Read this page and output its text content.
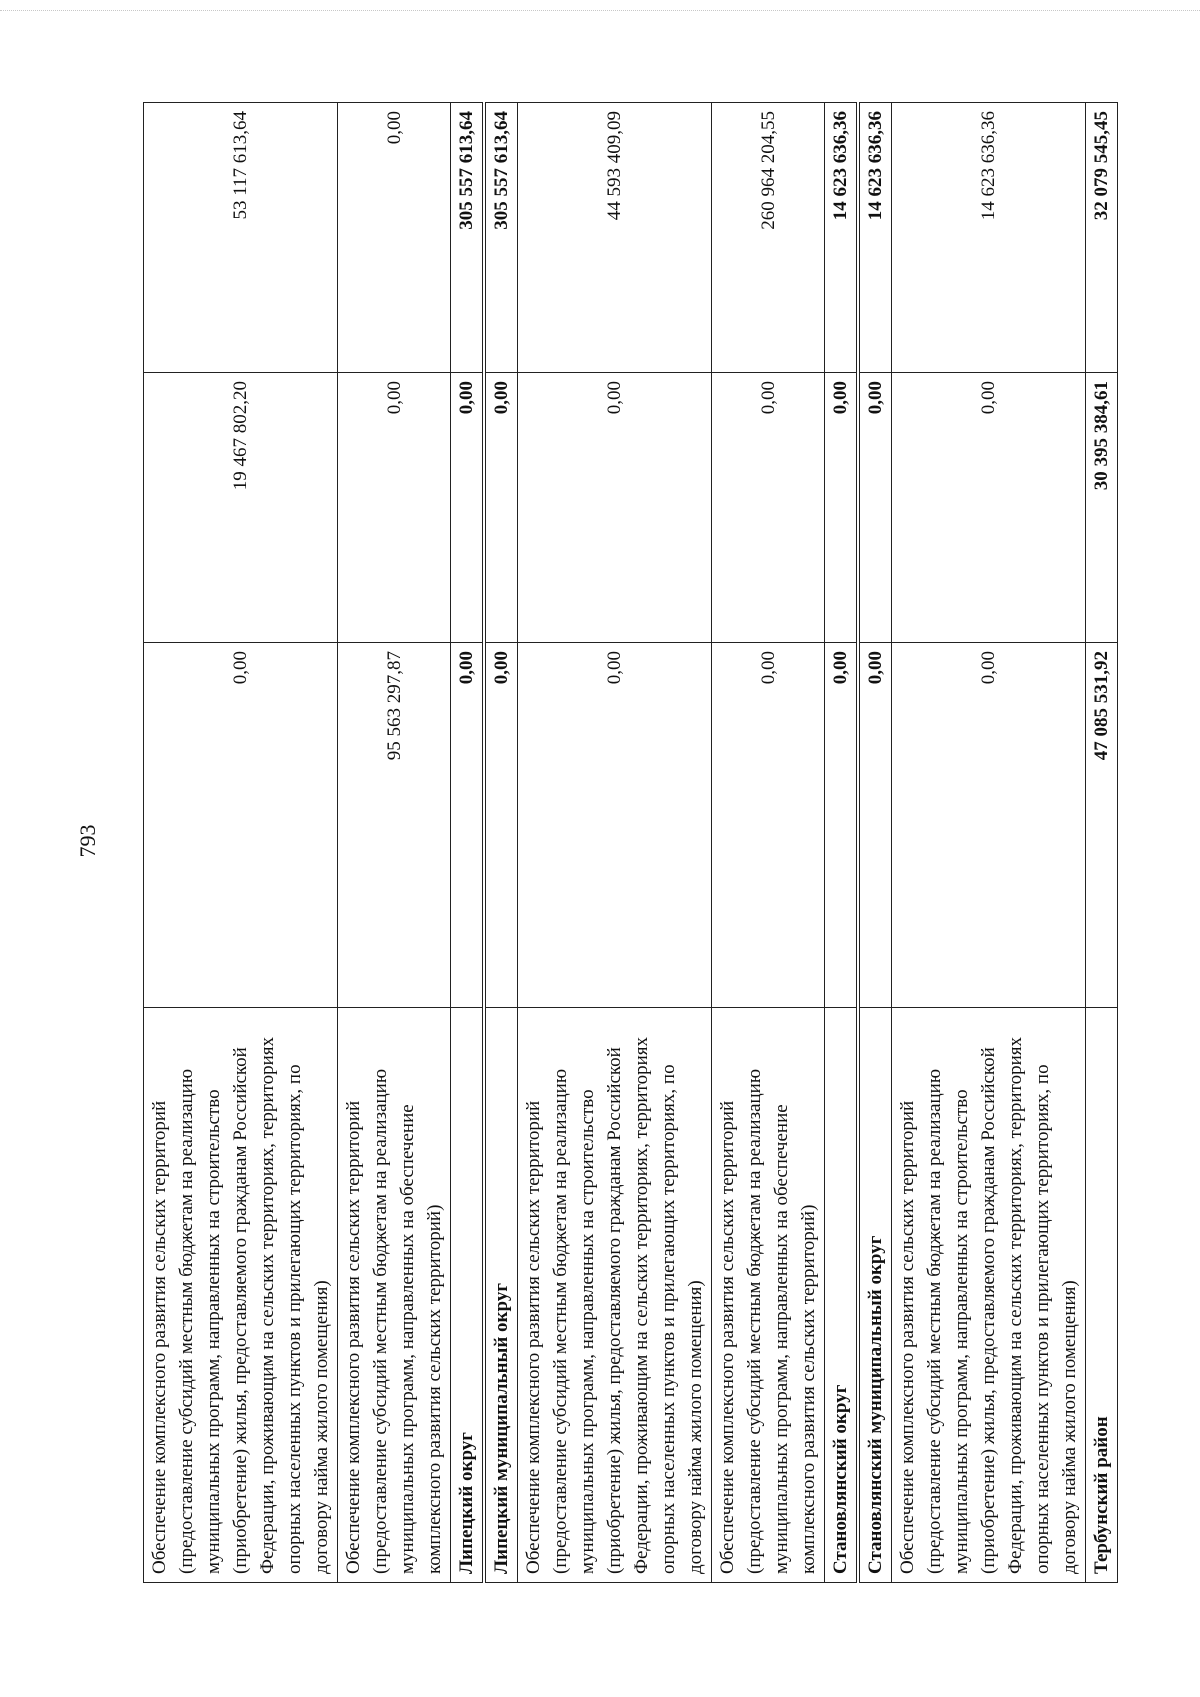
793
Обеспечение комплексного развития сельских территорий (предоставление субсидий местным бюджетам на реализацию муниципальных программ, направленных на строительство (приобретение) жилья, предоставляемого гражданам Российской Федерации, проживающим на сельских территориях, территориях опорных населенных пунктов и прилегающих территориях, по договору найма жилого помещения)	0,00	19 467 802,20	53 117 613,64
Обеспечение комплексного развития сельских территорий (предоставление субсидий местным бюджетам на реализацию муниципальных программ, направленных на обеспечение комплексного развития сельских территорий)	95 563 297,87	0,00	0,00
Липецкий округ	0,00	0,00	305 557 613,64
Липецкий муниципальный округ	0,00	0,00	305 557 613,64
Обеспечение комплексного развития сельских территорий (предоставление субсидий местным бюджетам на реализацию муниципальных программ, направленных на строительство (приобретение) жилья, предоставляемого гражданам Российской Федерации, проживающим на сельских территориях, территориях опорных населенных пунктов и прилегающих территориях, по договору найма жилого помещения)	0,00	0,00	44 593 409,09
Обеспечение комплексного развития сельских территорий (предоставление субсидий местным бюджетам на реализацию муниципальных программ, направленных на обеспечение комплексного развития сельских территорий)	0,00	0,00	260 964 204,55
Становлянский округ	0,00	0,00	14 623 636,36
Становлянский муниципальный округ	0,00	0,00	14 623 636,36
Обеспечение комплексного развития сельских территорий (предоставление субсидий местным бюджетам на реализацию муниципальных программ, направленных на строительство (приобретение) жилья, предоставляемого гражданам Российской Федерации, проживающим на сельских территориях, территориях опорных населенных пунктов и прилегающих территориях, по договору найма жилого помещения)	0,00	0,00	14 623 636,36
Тербунский район	47 085 531,92	30 395 384,61	32 079 545,45
